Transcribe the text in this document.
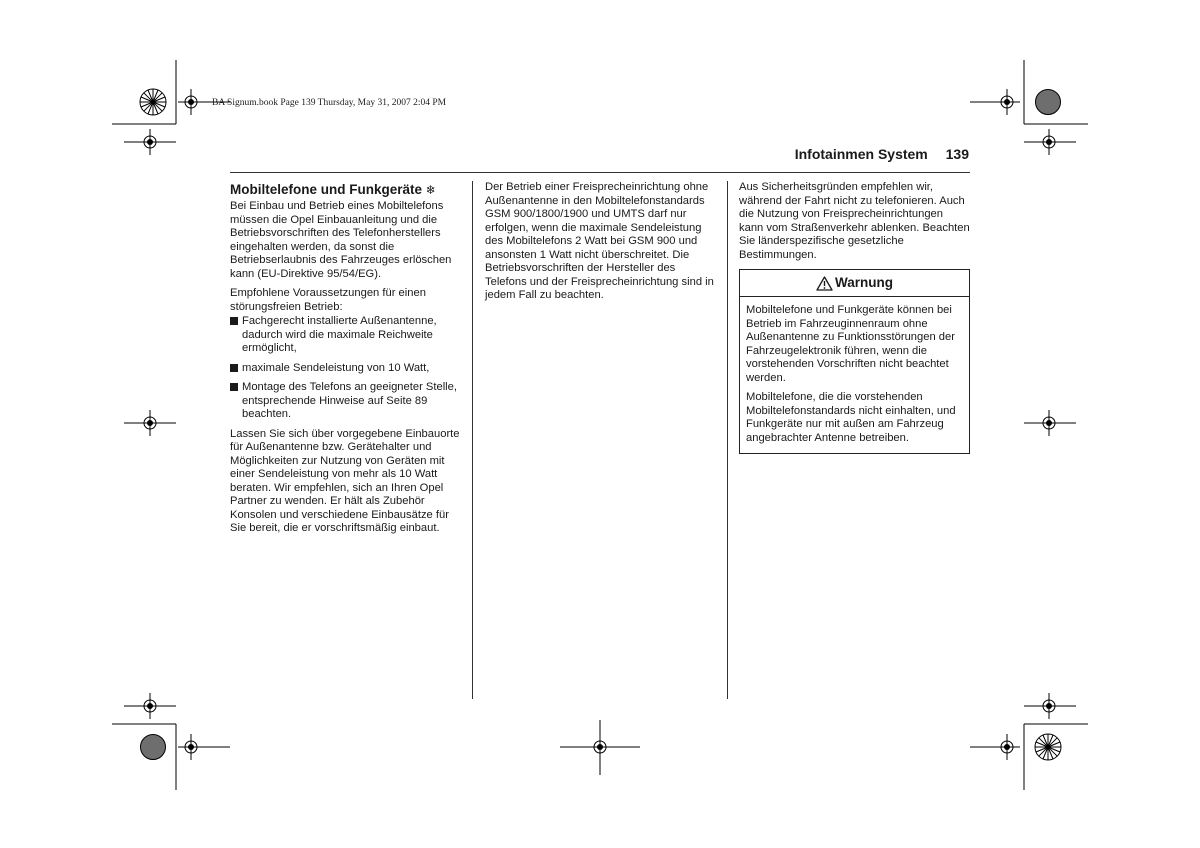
BA Signum.book Page 139 Thursday, May 31, 2007 2:04 PM
Infotainmen System 139
Mobiltelefone und Funkgeräte ❄

Bei Einbau und Betrieb eines Mobiltelefons müssen die Opel Einbauanleitung und die Betriebsvorschriften des Telefonherstellers eingehalten werden, da sonst die Betriebserlaubnis des Fahrzeuges erlöschen kann (EU-Direktive 95/54/EG).

Empfohlene Voraussetzungen für einen störungsfreien Betrieb:

Fachgerecht installierte Außenantenne, dadurch wird die maximale Reichweite ermöglicht,
maximale Sendeleistung von 10 Watt,
Montage des Telefons an geeigneter Stelle, entsprechende Hinweise auf Seite 89 beachten.

Lassen Sie sich über vorgegebene Einbauorte für Außenantenne bzw. Gerätehalter und Möglichkeiten zur Nutzung von Geräten mit einer Sendeleistung von mehr als 10 Watt beraten. Wir empfehlen, sich an Ihren Opel Partner zu wenden. Er hält als Zubehör Konsolen und verschiedene Einbausätze für Sie bereit, die er vorschriftsmäßig einbaut.

Der Betrieb einer Freisprecheinrichtung ohne Außenantenne in den Mobiltelefonstandards GSM 900/1800/1900 und UMTS darf nur erfolgen, wenn die maximale Sendeleistung des Mobiltelefons 2 Watt bei GSM 900 und ansonsten 1 Watt nicht überschreitet. Die Betriebsvorschriften der Hersteller des Telefons und der Freisprecheinrichtung sind in jedem Fall zu beachten.

Aus Sicherheitsgründen empfehlen wir, während der Fahrt nicht zu telefonieren. Auch die Nutzung von Freisprecheinrichtungen kann vom Straßenverkehr ablenken. Beachten Sie länderspezifische gesetzliche Bestimmungen.

Warnung

Mobiltelefone und Funkgeräte können bei Betrieb im Fahrzeuginnenraum ohne Außenantenne zu Funktionsstörungen der Fahrzeugelektronik führen, wenn die vorstehenden Vorschriften nicht beachtet werden.

Mobiltelefone, die die vorstehenden Mobiltelefonstandards nicht einhalten, und Funkgeräte nur mit außen am Fahrzeug angebrachter Antenne betreiben.
